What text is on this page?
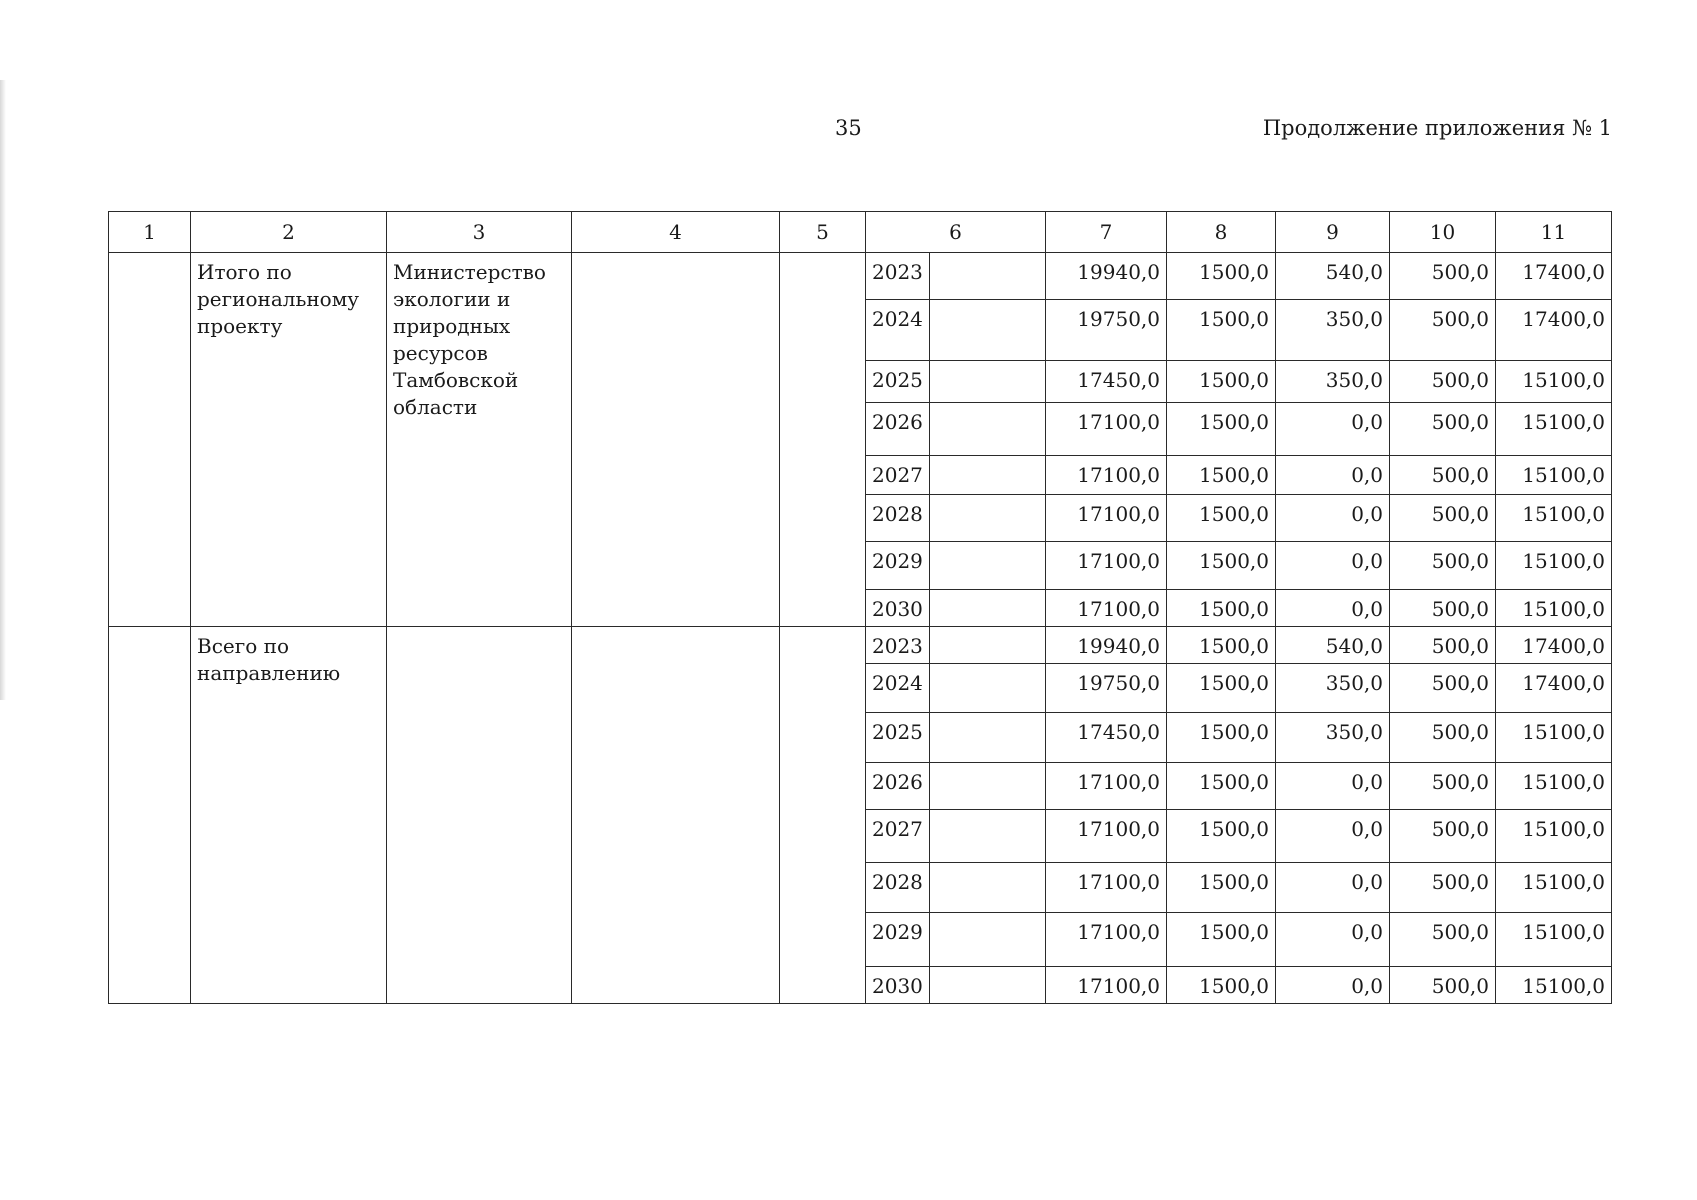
35	Продолжение приложения № 1
1	2	3	4	5	6		7	8	9	10	11
	Итого по региональному проекту	Министерство экологии и природных ресурсов Тамбовской области			2023		19940,0	1500,0	540,0	500,0	17400,0
					2024		19750,0	1500,0	350,0	500,0	17400,0
					2025		17450,0	1500,0	350,0	500,0	15100,0
					2026		17100,0	1500,0	0,0	500,0	15100,0
					2027		17100,0	1500,0	0,0	500,0	15100,0
					2028		17100,0	1500,0	0,0	500,0	15100,0
					2029		17100,0	1500,0	0,0	500,0	15100,0
					2030		17100,0	1500,0	0,0	500,0	15100,0
	Всего по направлению				2023		19940,0	1500,0	540,0	500,0	17400,0
					2024		19750,0	1500,0	350,0	500,0	17400,0
					2025		17450,0	1500,0	350,0	500,0	15100,0
					2026		17100,0	1500,0	0,0	500,0	15100,0
					2027		17100,0	1500,0	0,0	500,0	15100,0
					2028		17100,0	1500,0	0,0	500,0	15100,0
					2029		17100,0	1500,0	0,0	500,0	15100,0
					2030		17100,0	1500,0	0,0	500,0	15100,0
